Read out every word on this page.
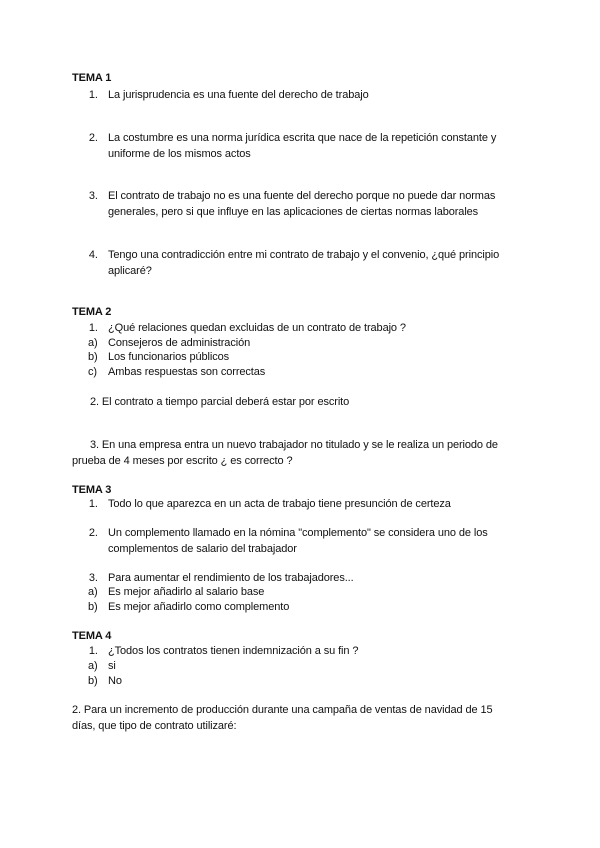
TEMA 1
1. La jurisprudencia es una fuente del derecho de trabajo
2. La costumbre es una norma jurídica escrita que nace de la repetición constante y
uniforme de los mismos actos
3. El contrato de trabajo no es una fuente del derecho porque no puede dar normas
generales, pero si que influye en las aplicaciones de ciertas normas laborales
4. Tengo una contradicción entre mi contrato de trabajo y el convenio, ¿qué principio
aplicaré?
TEMA 2
1. ¿Qué relaciones quedan excluidas de un contrato de trabajo ?
a) Consejeros de administración
b) Los funcionarios públicos
c) Ambas respuestas son correctas
2. El contrato a tiempo parcial deberá estar por escrito
3. En una empresa entra un nuevo trabajador no titulado y se le realiza un periodo de
prueba de 4 meses por escrito ¿ es correcto ?
TEMA 3
1. Todo lo que aparezca en un acta de trabajo tiene presunción de certeza
2. Un complemento llamado en la nómina "complemento" se considera uno de los
complementos de salario del trabajador
3. Para aumentar el rendimiento de los trabajadores...
a) Es mejor añadirlo al salario base
b) Es mejor añadirlo como complemento
TEMA 4
1. ¿Todos los contratos tienen indemnización a su fin ?
a) si
b) No
2. Para un incremento de producción durante una campaña de ventas de navidad de 15
días, que tipo de contrato utilizaré:
